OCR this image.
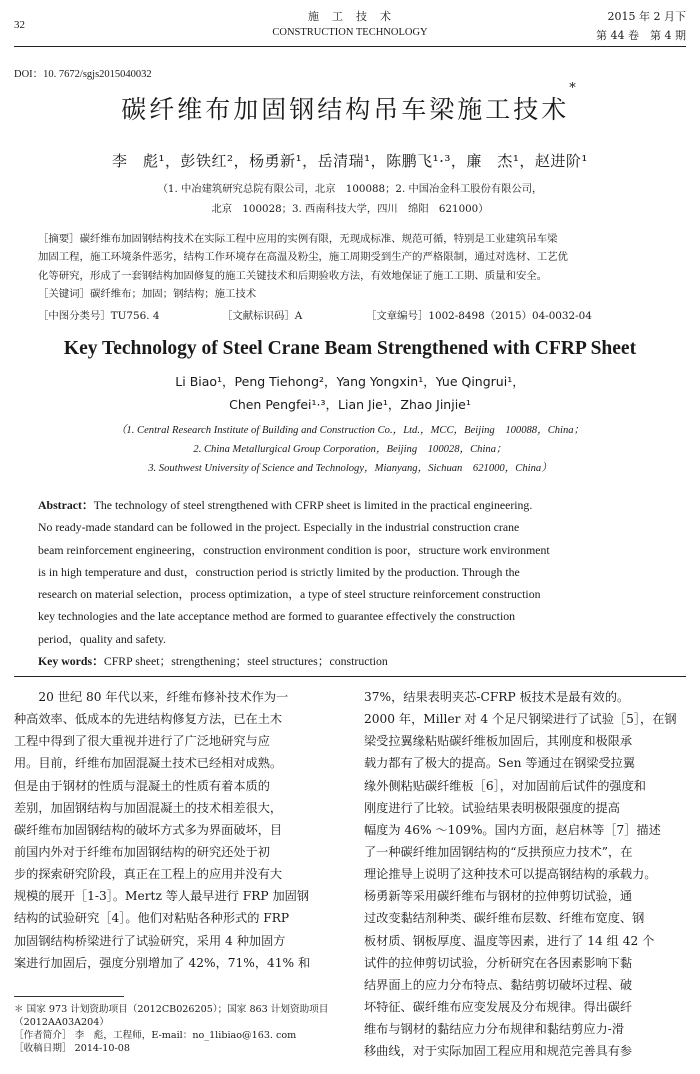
32
施　工　技　术
CONSTRUCTION TECHNOLOGY
2015 年 2 月下
第 44 卷　第 4 期
DOI：10. 7672/sgjs2015040032
碳纤维布加固钢结构吊车梁施工技术*
李　彪¹，彭铁红²，杨勇新¹，岳清瑞¹，陈鹏飞¹·³，廉　杰¹，赵进阶¹
（1. 中冶建筑研究总院有限公司，北京　100088；2. 中国冶金科工股份有限公司，
北京　100028；3. 西南科技大学，四川　绵阳　621000）
［摘要］碳纤维布加固钢结构技术在实际工程中应用的实例有限，无现成标准、规范可循，特别是工业建筑吊车梁
加固工程，施工环境条件恶劣，结构工作环境存在高温及粉尘，施工周期受到生产的严格限制，通过对选材、工艺优
化等研究，形成了一套钢结构加固修复的施工关键技术和后期验收方法，有效地保证了施工工期、质量和安全。
［关键词］碳纤维布；加固；钢结构；施工技术
［中图分类号］TU756. 4	［文献标识码］A	［文章编号］1002-8498（2015）04-0032-04
Key Technology of Steel Crane Beam Strengthened with CFRP Sheet
Li Biao¹，Peng Tiehong²，Yang Yongxin¹，Yue Qingrui¹，
Chen Pengfei¹·³，Lian Jie¹，Zhao Jinjie¹
（1. Central Research Institute of Building and Construction Co.，Ltd.，MCC，Beijing　100088，China；
2. China Metallurgical Group Corporation，Beijing　100028，China；
3. Southwest University of Science and Technology，Mianyang，Sichuan　621000，China）
Abstract：The technology of steel strengthened with CFRP sheet is limited in the practical engineering.
No ready-made standard can be followed in the project. Especially in the industrial construction crane
beam reinforcement engineering，construction environment condition is poor，structure work environment
is in high temperature and dust，construction period is strictly limited by the production. Through the
research on material selection，process optimization，a type of steel structure reinforcement construction
key technologies and the late acceptance method are formed to guarantee effectively the construction
period，quality and safety.
Key words：CFRP sheet；strengthening；steel structures；construction
　　20 世纪 80 年代以来，纤维布修补技术作为一
种高效率、低成本的先进结构修复方法，已在土木
工程中得到了很大重视并进行了广泛地研究与应
用。目前，纤维布加固混凝土技术已经相对成熟。
但是由于钢材的性质与混凝土的性质有着本质的
差别，加固钢结构与加固混凝土的技术相差很大，
碳纤维布加固钢结构的破坏方式多为界面破坏，目
前国内外对于纤维布加固钢结构的研究还处于初
步的探索研究阶段，真正在工程上的应用并没有大
规模的展开［1-3］。Mertz 等人最早进行 FRP 加固钢
结构的试验研究［4］。他们对粘贴各种形式的 FRP
加固钢结构桥梁进行了试验研究，采用 4 种加固方
案进行加固后，强度分别增加了 42%，71%，41% 和
＊ 国家 973 计划资助项目（2012CB026205）；国家 863 计划资助项目
（2012AA03A204）
［作者简介］ 李　彪，工程师，E-mail：no_1libiao@163. com
［收稿日期］ 2014-10-08
37%，结果表明夹芯-CFRP 板技术是最有效的。
2000 年，Miller 对 4 个足尺钢梁进行了试验［5］，在钢
梁受拉翼缘粘贴碳纤维板加固后，其刚度和极限承
载力都有了极大的提高。Sen 等通过在钢梁受拉翼
缘外侧粘贴碳纤维板［6］，对加固前后试件的强度和
刚度进行了比较。试验结果表明极限强度的提高
幅度为 46% ～109%。国内方面，赵启林等［7］描述
了一种碳纤维加固钢结构的“反拱预应力技术”，在
理论推导上说明了这种技术可以提高钢结构的承载力。
杨勇新等采用碳纤维布与钢材的拉伸剪切试验，通
过改变黏结剂种类、碳纤维布层数、纤维布宽度、钢
板材质、钢板厚度、温度等因素，进行了 14 组 42 个
试件的拉伸剪切试验，分析研究在各因素影响下黏
结界面上的应力分布特点、黏结剪切破坏过程、破
坏特征、碳纤维布应变发展及分布规律。得出碳纤
维布与钢材的黏结应力分布规律和黏结剪应力-滑
移曲线，对于实际加固工程应用和规范完善具有参
